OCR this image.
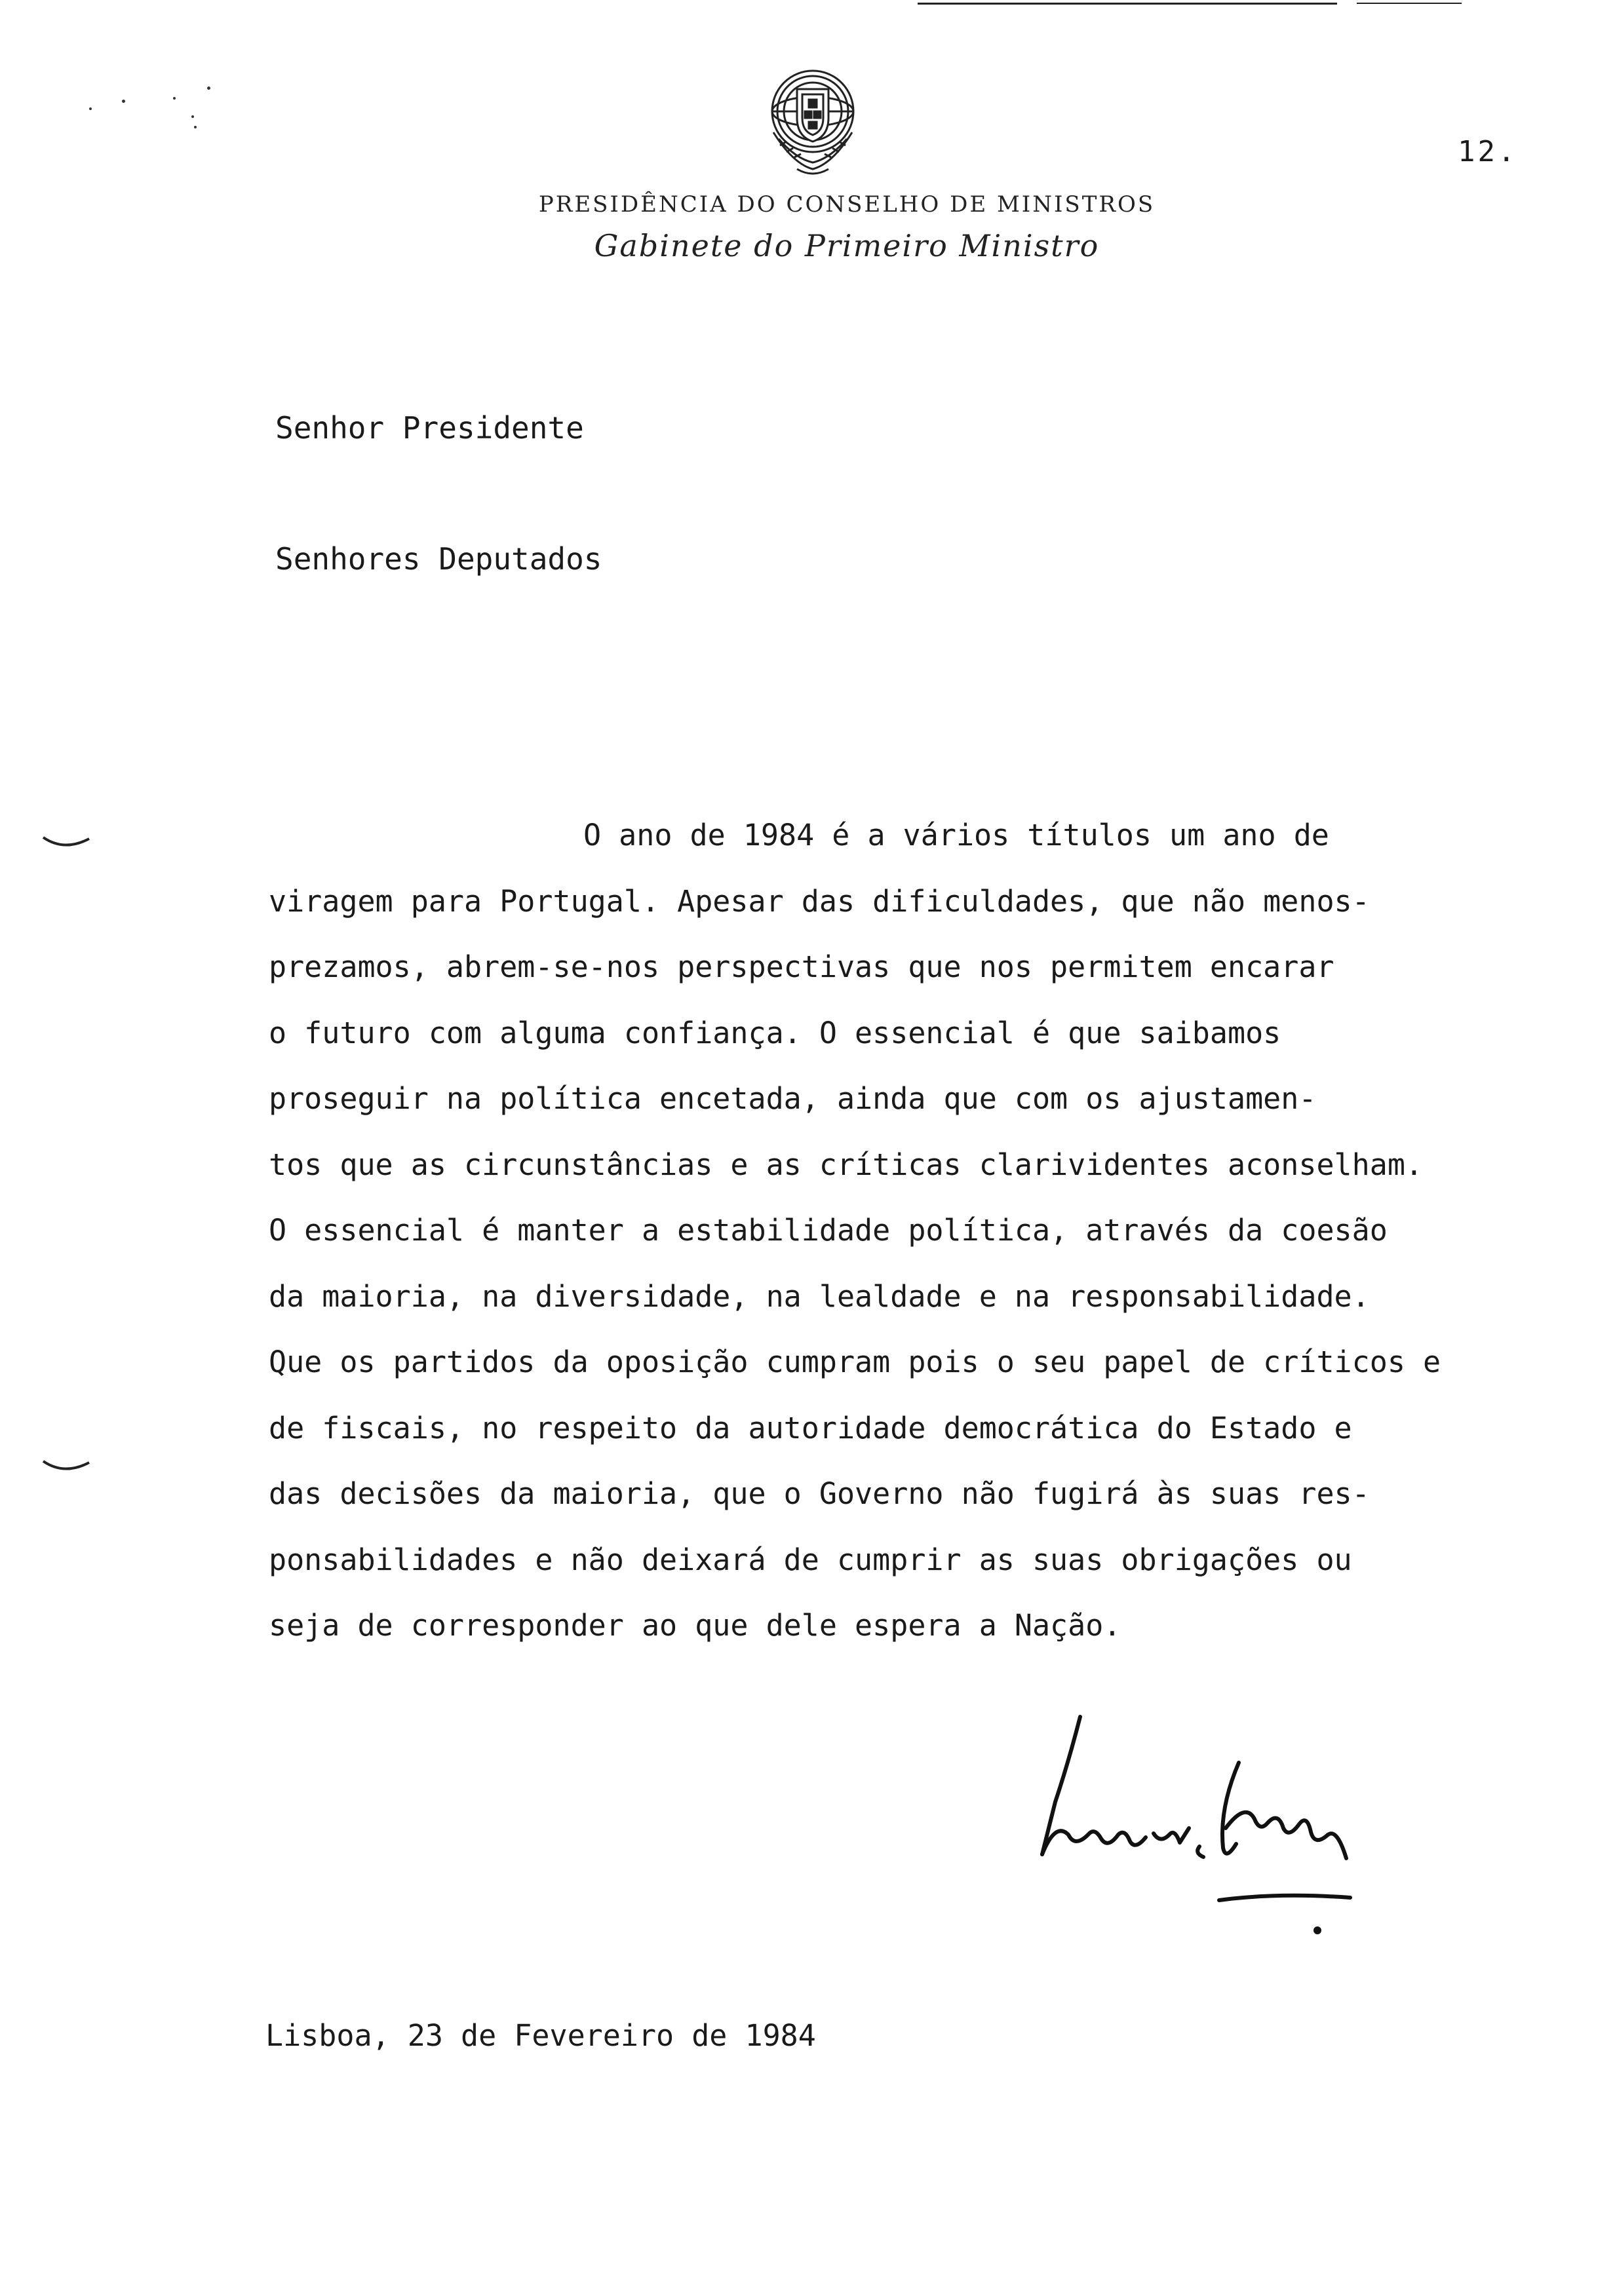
12.
PRESIDÊNCIA DO CONSELHO DE MINISTROS
Gabinete do Primeiro Ministro
Senhor Presidente
Senhores Deputados
O ano de 1984 é a vários títulos um ano de
viragem para Portugal. Apesar das dificuldades, que não menos-
prezamos, abrem-se-nos perspectivas que nos permitem encarar
o futuro com alguma confiança. O essencial é que saibamos
proseguir na política encetada, ainda que com os ajustamen-
tos que as circunstâncias e as críticas clarividentes aconselham.
O essencial é manter a estabilidade política, através da coesão
da maioria, na diversidade, na lealdade e na responsabilidade.
Que os partidos da oposição cumpram pois o seu papel de críticos e
de fiscais, no respeito da autoridade democrática do Estado e
das decisões da maioria, que o Governo não fugirá às suas res-
ponsabilidades e não deixará de cumprir as suas obrigações ou
seja de corresponder ao que dele espera a Nação.
Lisboa, 23 de Fevereiro de 1984
